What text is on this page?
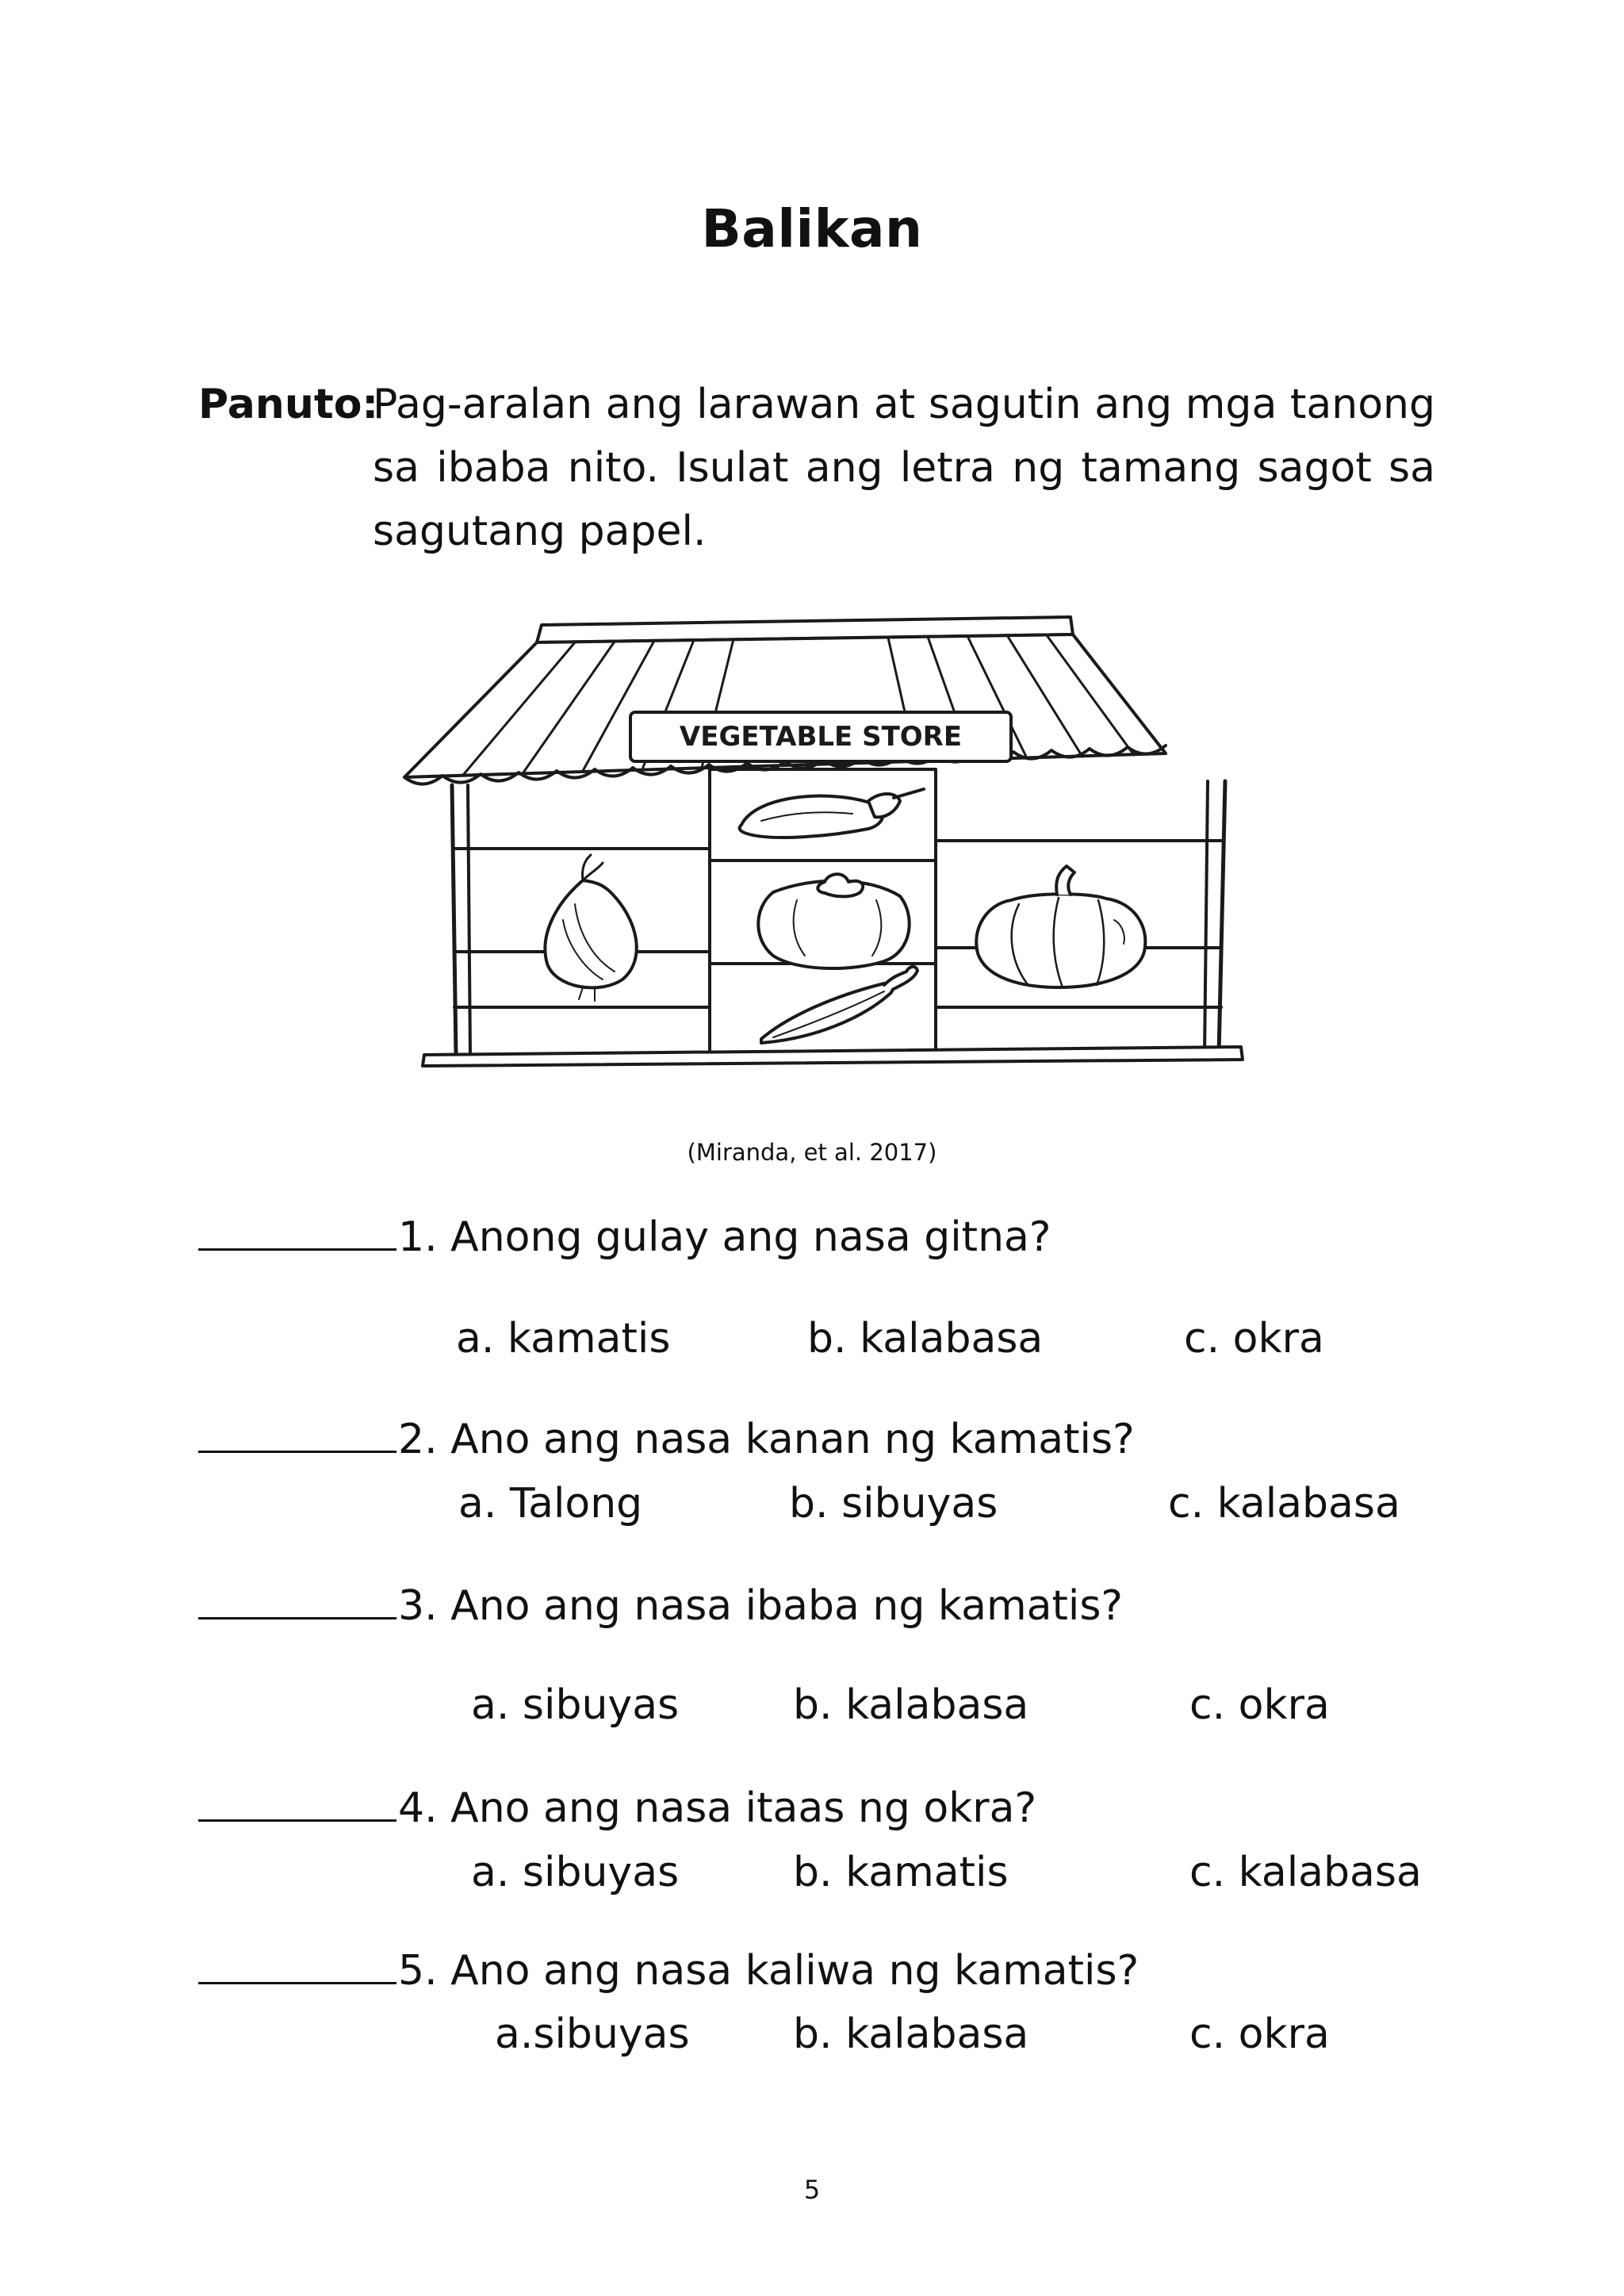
Balikan
Panuto:
Pag-aralan ang larawan at sagutin ang mga tanong sa ibaba nito. Isulat ang letra ng tamang sagot sa sagutang papel.
VEGETABLE STORE
(Miranda, et al. 2017)
1. Anong gulay ang nasa gitna?
a. kamatis	b. kalabasa	c. okra
2. Ano ang nasa kanan ng kamatis?
a. Talong	b. sibuyas	c. kalabasa
3. Ano ang nasa ibaba ng kamatis?
a. sibuyas	b. kalabasa	c. okra
4. Ano ang nasa itaas ng okra?
a. sibuyas	b. kamatis	c. kalabasa
5. Ano ang nasa kaliwa ng kamatis?
a.sibuyas	b. kalabasa	c. okra
5
